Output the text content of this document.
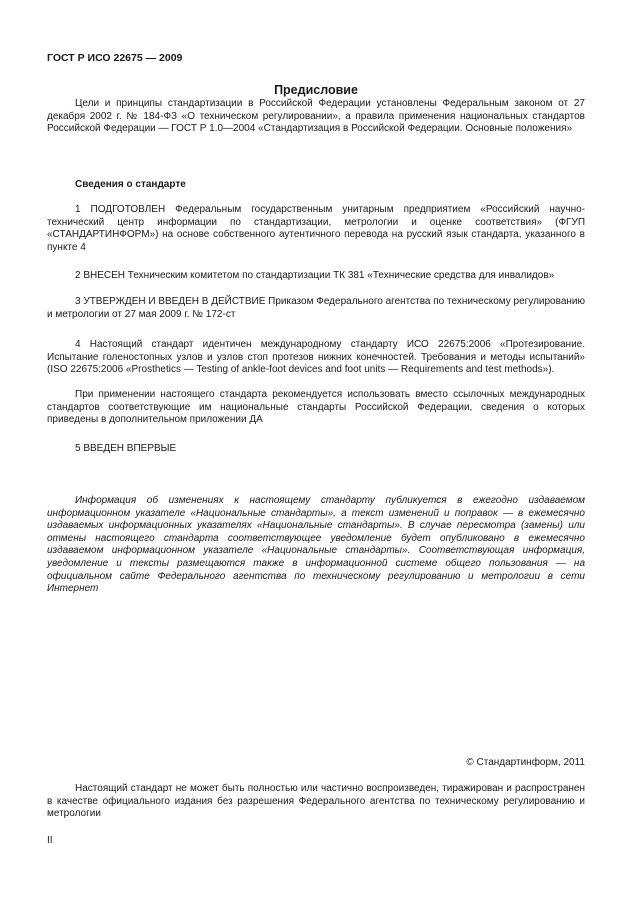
ГОСТ Р ИСО 22675 — 2009
Предисловие

Цели и принципы стандартизации в Российской Федерации установлены Федеральным законом от 27 декабря 2002 г. № 184-ФЗ «О техническом регулировании», а правила применения национальных стандартов Российской Федерации — ГОСТ Р 1.0—2004 «Стандартизация в Российской Федерации. Основные положения»

Сведения о стандарте

1 ПОДГОТОВЛЕН Федеральным государственным унитарным предприятием «Российский научно-технический центр информации по стандартизации, метрологии и оценке соответствия» (ФГУП «СТАНДАРТИНФОРМ») на основе собственного аутентичного перевода на русский язык стандарта, указанного в пункте 4

2 ВНЕСЕН Техническим комитетом по стандартизации ТК 381 «Технические средства для инвалидов»

3 УТВЕРЖДЕН И ВВЕДЕН В ДЕЙСТВИЕ Приказом Федерального агентства по техническому регулированию и метрологии от 27 мая 2009 г. № 172-ст

4 Настоящий стандарт идентичен международному стандарту ИСО 22675:2006 «Протезирование. Испытание голеностопных узлов и узлов стоп протезов нижних конечностей. Требования и методы испытаний» (ISO 22675:2006 «Prosthetics — Testing of ankle-foot devices and foot units — Requirements and test methods»).

При применении настоящего стандарта рекомендуется использовать вместо ссылочных международных стандартов соответствующие им национальные стандарты Российской Федерации, сведения о которых приведены в дополнительном приложении ДА

5 ВВЕДЕН ВПЕРВЫЕ

Информация об изменениях к настоящему стандарту публикуется в ежегодно издаваемом информационном указателе «Национальные стандарты», а текст изменений и поправок — в ежемесячно издаваемых информационных указателях «Национальные стандарты». В случае пересмотра (замены) или отмены настоящего стандарта соответствующее уведомление будет опубликовано в ежемесячно издаваемом информационном указателе «Национальные стандарты». Соответствующая информация, уведомление и тексты размещаются также в информационной системе общего пользования — на официальном сайте Федерального агентства по техническому регулированию и метрологии в сети Интернет

© Стандартинформ, 2011

Настоящий стандарт не может быть полностью или частично воспроизведен, тиражирован и распространен в качестве официального издания без разрешения Федерального агентства по техническому регулированию и метрологии

II
